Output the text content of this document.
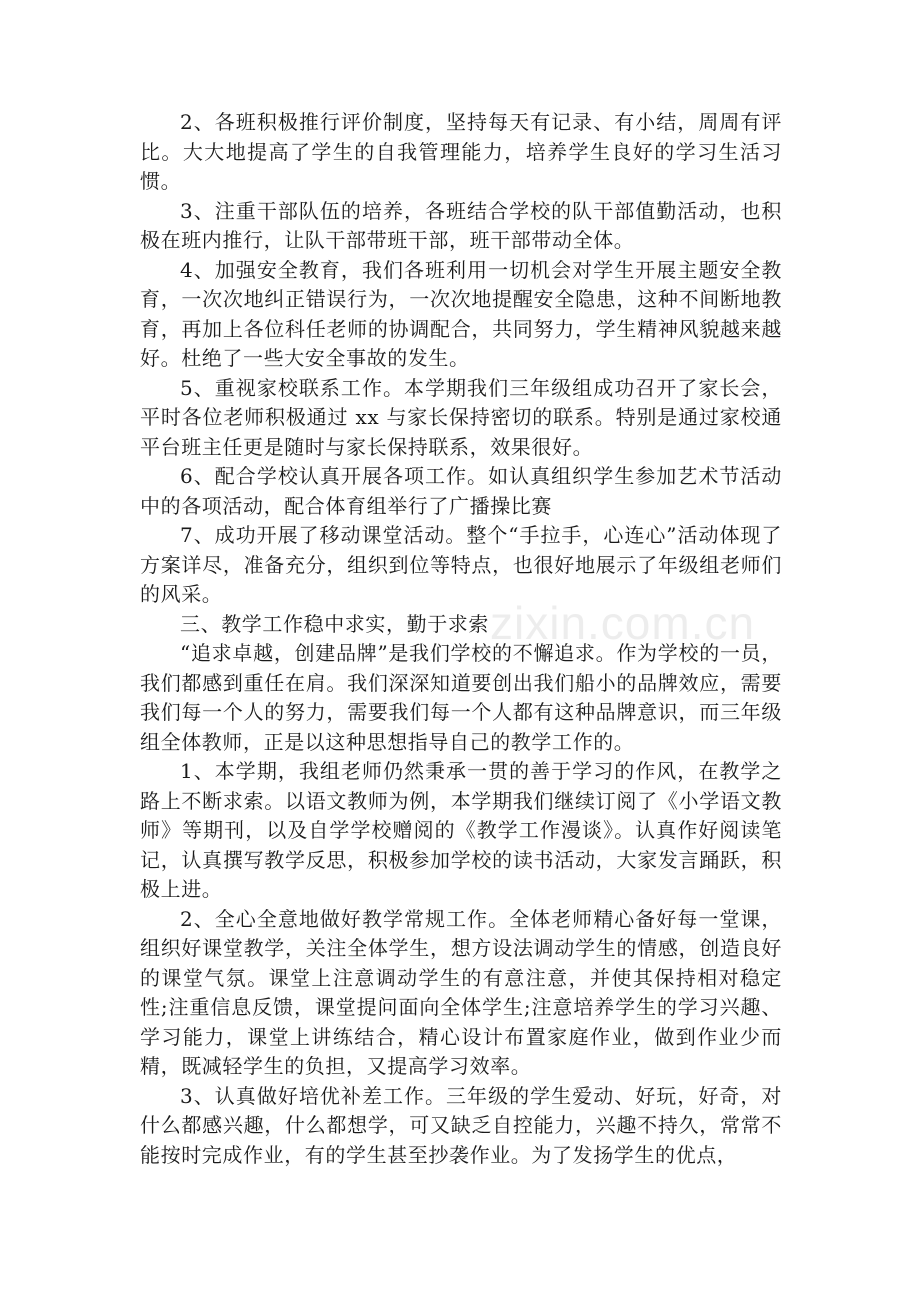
2、各班积极推行评价制度，坚持每天有记录、有小结，周周有评比。大大地提高了学生的自我管理能力，培养学生良好的学习生活习惯。

3、注重干部队伍的培养，各班结合学校的队干部值勤活动，也积极在班内推行，让队干部带班干部，班干部带动全体。

4、加强安全教育，我们各班利用一切机会对学生开展主题安全教育，一次次地纠正错误行为，一次次地提醒安全隐患，这种不间断地教育，再加上各位科任老师的协调配合，共同努力，学生精神风貌越来越好。杜绝了一些大安全事故的发生。

5、重视家校联系工作。本学期我们三年级组成功召开了家长会，平时各位老师积极通过 xx 与家长保持密切的联系。特别是通过家校通平台班主任更是随时与家长保持联系，效果很好。

6、配合学校认真开展各项工作。如认真组织学生参加艺术节活动中的各项活动，配合体育组举行了广播操比赛

7、成功开展了移动课堂活动。整个“手拉手，心连心”活动体现了方案详尽，准备充分，组织到位等特点，也很好地展示了年级组老师们的风采。

三、教学工作稳中求实，勤于求索

“追求卓越，创建品牌”是我们学校的不懈追求。作为学校的一员，我们都感到重任在肩。我们深深知道要创出我们船小的品牌效应，需要我们每一个人的努力，需要我们每一个人都有这种品牌意识，而三年级组全体教师，正是以这种思想指导自己的教学工作的。

1、本学期，我组老师仍然秉承一贯的善于学习的作风，在教学之路上不断求索。以语文教师为例，本学期我们继续订阅了《小学语文教师》等期刊，以及自学学校赠阅的《教学工作漫谈》。认真作好阅读笔记，认真撰写教学反思，积极参加学校的读书活动，大家发言踊跃，积极上进。

2、全心全意地做好教学常规工作。全体老师精心备好每一堂课，组织好课堂教学，关注全体学生，想方设法调动学生的情感，创造良好的课堂气氛。课堂上注意调动学生的有意注意，并使其保持相对稳定性;注重信息反馈，课堂提问面向全体学生;注意培养学生的学习兴趣、学习能力，课堂上讲练结合，精心设计布置家庭作业，做到作业少而精，既减轻学生的负担，又提高学习效率。

3、认真做好培优补差工作。三年级的学生爱动、好玩，好奇，对什么都感兴趣，什么都想学，可又缺乏自控能力，兴趣不持久，常常不能按时完成作业，有的学生甚至抄袭作业。为了发扬学生的优点，

zixin.com.cn
